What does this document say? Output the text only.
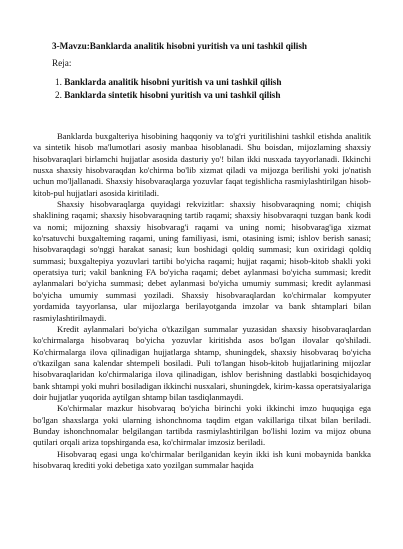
3-Mavzu:Banklarda analitik hisobni yuritish va uni tashkil qilish
Reja:
1. Banklarda analitik hisobni yuritish va uni tashkil qilish
2. Banklarda sintetik hisobni yuritish va uni tashkil qilish

Banklarda buxgalteriya hisobining haqqoniy va to'g'ri yuritilishini tashkil etishda analitik va sintetik hisob ma'lumotlari asosiy manbaa hisoblanadi. Shu boisdan, mijozlaming shaxsiy hisobvaraqlari birlamchi hujjatlar asosida dasturiy yo'! bilan ikki nusxada tayyorlanadi. Ikkinchi nusxa shaxsiy hisobvaraqdan ko'chirma bo'lib xizmat qiladi va mijozga berilishi yoki jo'natish uchun mo'ljallanadi. Shaxsiy hisobvaraqlarga yozuvlar faqat tegishlicha rasmiylashtirilgan hisob-kitob-pul hujjatlari asosida kiritiladi.

Shaxsiy hisobvaraqlarga quyidagi rekvizitlar: shaxsiy hisobvaraqning nomi; chiqish shaklining raqami; shaxsiy hisobvaraqning tartib raqami; shaxsiy hisobvaraqni tuzgan bank kodi va nomi; mijozning shaxsiy hisobvarag'i raqami va uning nomi; hisobvarag'iga xizmat ko'rsatuvchi buxgalteming raqami, uning familiyasi, ismi, otasining ismi; ishlov berish sanasi; hisobvaraqdagi so'nggi harakat sanasi; kun boshidagi qoldiq summasi; kun oxiridagi qoldiq summasi; buxgaltepiya yozuvlari tartibi bo'yicha raqami; hujjat raqami; hisob-kitob shakli yoki operatsiya turi; vakil bankning FA bo'yicha raqami; debet aylanmasi bo'yicha summasi; kredit aylanmalari bo'yicha summasi; debet aylanmasi bo'yicha umumiy summasi; kredit aylanmasi bo'yicha umumiy summasi yoziladi. Shaxsiy hisobvaraqlardan ko'chirmalar kompyuter yordamida tayyorlansa, ular mijozlarga berilayotganda imzolar va bank shtamplari bilan rasmiylashtirilmaydi.

Kredit aylanmalari bo'yicha o'tkazilgan summalar yuzasidan shaxsiy hisobvaraqlardan ko'chirmalarga hisobvaraq bo'yicha yozuvlar kiritishda asos bo'lgan ilovalar qo'shiladi. Ko'chirmalarga ilova qilinadigan hujjatlarga shtamp, shuningdek, shaxsiy hisobvaraq bo'yicha o'tkazilgan sana kalendar shtempeli bosiladi. Puli to'langan hisob-kitob hujjatlarining mijozlar hisobvaraqlaridan ko'chirmalariga ilova qilinadigan, ishlov berishning dastlabki bosqichidayoq bank shtampi yoki muhri bosiladigan ikkinchi nusxalari, shuningdek, kirim-kassa operatsiyalariga doir hujjatlar yuqorida aytilgan shtamp bilan tasdiqlanmaydi.

Ko'chirmalar mazkur hisobvaraq bo'yicha birinchi yoki ikkinchi imzo huquqiga ega bo'lgan shaxslarga yoki ularning ishonchnoma taqdim etgan vakillariga tilxat bilan beriladi. Bunday ishonchnomalar belgilangan tartibda rasmiylashtirilgan bo'lishi lozim va mijoz obuna qutilari orqali ariza topshirganda esa, ko'chirmalar imzosiz beriladi.

Hisobvaraq egasi unga ko'chirmalar berilganidan keyin ikki ish kuni mobaynida bankka hisobvaraq krediti yoki debetiga xato yozilgan summalar haqida
